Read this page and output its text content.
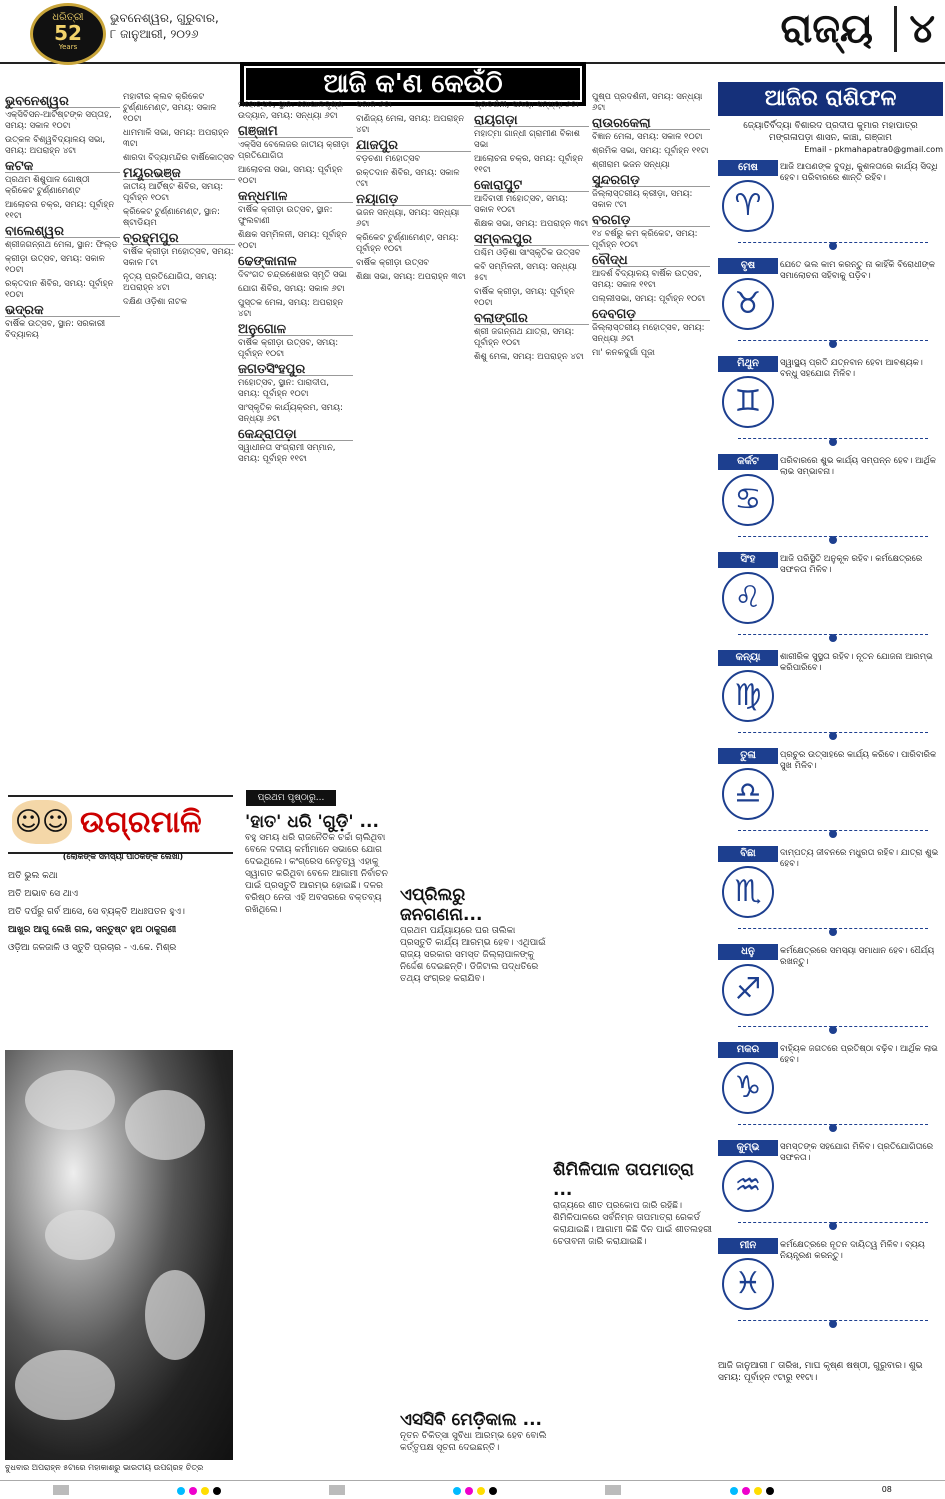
ଧରିତ୍ରୀ
52
Years
ଭୁବନେଶ୍ୱର, ଗୁରୁବାର,
୮ ଜାନୁଆରୀ, ୨୦୨୬	ରାଜ୍ୟ ୪
ଆଜି କ'ଣ କେଉଁଠି
ଭୁବନେଶ୍ୱର

ଏକ୍ସିବିସନ-ଆର୍ଟିଷ୍ଟଙ୍କ ସପ୍ତାହ, ସମୟ: ସକାଳ ୧୦ଟା

ଉତ୍କଳ ବିଶ୍ୱବିଦ୍ୟାଳୟ ସଭା, ସମୟ: ଅପରାହ୍ନ ୪ଟା

କଟକ

ପ୍ରଥମ ଶିଶୁପାଳ ଗୋଷ୍ଠୀ କ୍ରିକେଟ ଟୁର୍ଣ୍ଣାମେଣ୍ଟ

ଆଲୋଚନା ଚକ୍ର, ସମୟ: ପୂର୍ବାହ୍ନ ୧୧ଟା

ବାଲେଶ୍ୱର

ଶ୍ରୀଜଗନ୍ନାଥ ମେଳା, ସ୍ଥାନ: ଫିଲ୍ଡ

କ୍ରୀଡ଼ା ଉତ୍ସବ, ସମୟ: ସକାଳ ୧୦ଟା

ରକ୍ତଦାନ ଶିବିର, ସମୟ: ପୂର୍ବାହ୍ନ ୧୦ଟା

ଭଦ୍ରକ

ବାର୍ଷିକ ଉତ୍ସବ, ସ୍ଥାନ: ସରକାରୀ ବିଦ୍ୟାଳୟ

ମହାବୀର କ୍ଲବ କ୍ରିକେଟ ଟୁର୍ଣ୍ଣାମେଣ୍ଟ, ସମୟ: ସକାଳ ୧୦ଟା

ଧାମମାଳି ସଭା, ସମୟ: ଅପରାହ୍ନ ୩ଟା

ଶାରଦା ବିଦ୍ୟାମନ୍ଦିର ବାର୍ଷିକୋତ୍ସବ

ମୟୂରଭଞ୍ଜ

ଜାତୀୟ ଆର୍ଟିଷ୍ଟ ଶିବିର, ସମୟ: ପୂର୍ବାହ୍ନ ୧୦ଟା

କ୍ରିକେଟ ଟୁର୍ଣ୍ଣାମେଣ୍ଟ, ସ୍ଥାନ: ଷ୍ଟାଡିୟମ

ବ୍ରହ୍ମପୁର

ବାର୍ଷିକ କ୍ରୀଡ଼ା ମହୋତ୍ସବ, ସମୟ: ସକାଳ ୮ଟା

ନୃତ୍ୟ ପ୍ରତିଯୋଗିତା, ସମୟ: ଅପରାହ୍ନ ୪ଟା

ଦକ୍ଷିଣ ଓଡ଼ିଶା ନାଟକ

ମହୋତ୍ସବ, ସ୍ଥାନ: ଗୋପାଳକୃଷ୍ଣ ଉଦ୍ୟାନ, ସମୟ: ସନ୍ଧ୍ୟା ୬ଟା

ଗଞ୍ଜାମ

ଏକ୍ସିସ ବେଲେଜର ଜାତୀୟ କ୍ରୀଡ଼ା ପ୍ରତିଯୋଗିତା

ଆଲୋଚନା ସଭା, ସମୟ: ପୂର୍ବାହ୍ନ ୧୦ଟା

କନ୍ଧମାଳ

ବାର୍ଷିକ କ୍ରୀଡ଼ା ଉତ୍ସବ, ସ୍ଥାନ: ଫୁଲବାଣୀ

ଶିକ୍ଷକ ସମ୍ମିଳନୀ, ସମୟ: ପୂର୍ବାହ୍ନ ୧୦ଟା

ଢେଙ୍କାନାଳ

ଦିବଂଗତ ଚନ୍ଦ୍ରଶେଖର ସ୍ମୃତି ସଭା

ଯୋଗ ଶିବିର, ସମୟ: ସକାଳ ୬ଟା

ପୁସ୍ତକ ମେଳା, ସମୟ: ଅପରାହ୍ନ ୪ଟା

ଅନୁଗୋଳ

ବାର୍ଷିକ କ୍ରୀଡ଼ା ଉତ୍ସବ, ସମୟ: ପୂର୍ବାହ୍ନ ୧୦ଟା

ଜଗତସିଂହପୁର

ମହୋତ୍ସବ, ସ୍ଥାନ: ପାରାଦୀପ, ସମୟ: ପୂର୍ବାହ୍ନ ୧୦ଟା

ସାଂସ୍କୃତିକ କାର୍ଯ୍ୟକ୍ରମ, ସମୟ: ସନ୍ଧ୍ୟା ୬ଟା

କେନ୍ଦ୍ରାପଡ଼ା

ସ୍ୱାଧୀନତା ସଂଗ୍ରାମୀ ସମ୍ମାନ, ସମୟ: ପୂର୍ବାହ୍ନ ୧୧ଟା

ସକାଳ ୬ଟା

ବାଣିଜ୍ୟ ମେଳା, ସମୟ: ଅପରାହ୍ନ ୪ଟା

ଯାଜପୁର

ବଡ଼ଚଣା ମହୋତ୍ସବ

ରକ୍ତଦାନ ଶିବିର, ସମୟ: ସକାଳ ୯ଟା

ନୟାଗଡ଼

ଭଜନ ସନ୍ଧ୍ୟା, ସମୟ: ସନ୍ଧ୍ୟା ୬ଟା

କ୍ରିକେଟ ଟୁର୍ଣ୍ଣାମେଣ୍ଟ, ସମୟ: ପୂର୍ବାହ୍ନ ୧୦ଟା

ବାର୍ଷିକ କ୍ରୀଡ଼ା ଉତ୍ସବ

ଶିକ୍ଷା ସଭା, ସମୟ: ଅପରାହ୍ନ ୩ଟା

ପ୍ରଦର୍ଶନୀ, ସମୟ: ସନ୍ଧ୍ୟା ୬ଟା

ରାୟଗଡ଼ା

ମହାତ୍ମା ଗାନ୍ଧୀ ଗ୍ରାମୀଣ ବିକାଶ ସଭା

ଆଲୋଚନା ଚକ୍ର, ସମୟ: ପୂର୍ବାହ୍ନ ୧୧ଟା

କୋରାପୁଟ

ଆଦିବାସୀ ମହୋତ୍ସବ, ସମୟ: ସକାଳ ୧୦ଟା

ଶିକ୍ଷକ ସଭା, ସମୟ: ଅପରାହ୍ନ ୩ଟା

ସମ୍ବଲପୁର

ପଶ୍ଚିମ ଓଡ଼ିଶା ସାଂସ୍କୃତିକ ଉତ୍ସବ

କବି ସମ୍ମିଳନୀ, ସମୟ: ସନ୍ଧ୍ୟା ୫ଟା

ବାର୍ଷିକ କ୍ରୀଡ଼ା, ସମୟ: ପୂର୍ବାହ୍ନ ୧୦ଟା

ବଲାଙ୍ଗୀର

ଶ୍ରୀ ଜଗନ୍ନାଥ ଯାତ୍ରା, ସମୟ: ପୂର୍ବାହ୍ନ ୧୦ଟା

ଶିଶୁ ମେଳା, ସମୟ: ଅପରାହ୍ନ ୪ଟା

ପୁଷ୍ପ ପ୍ରଦର୍ଶନୀ, ସମୟ: ସନ୍ଧ୍ୟା ୬ଟା

ରାଉରକେଲା

ବିଜ୍ଞାନ ମେଳା, ସମୟ: ସକାଳ ୧୦ଟା

ଶ୍ରମିକ ସଭା, ସମୟ: ପୂର୍ବାହ୍ନ ୧୧ଟା

ଶ୍ରୀରାମ ଭଜନ ସନ୍ଧ୍ୟା

ସୁନ୍ଦରଗଡ଼

ଜିଲ୍ଲାସ୍ତରୀୟ କ୍ରୀଡ଼ା, ସମୟ: ସକାଳ ୯ଟା

ବରଗଡ଼

୧୪ ବର୍ଷରୁ କମ କ୍ରିକେଟ, ସମୟ: ପୂର୍ବାହ୍ନ ୧୦ଟା

ବୌଦ୍ଧ

ଆଦର୍ଶ ବିଦ୍ୟାଳୟ ବାର୍ଷିକ ଉତ୍ସବ, ସମୟ: ସକାଳ ୧୧ଟା

ପଲ୍ଲୀସଭା, ସମୟ: ପୂର୍ବାହ୍ନ ୧୦ଟା

ଦେବଗଡ଼

ଜିଲ୍ଲାସ୍ତରୀୟ ମହୋତ୍ସବ, ସମୟ: ସନ୍ଧ୍ୟା ୬ଟା

ମା' କନକଦୁର୍ଗା ପୂଜା

☺☺ ଉଗ୍ରମାଳି
(ଲୋକଙ୍କ ସମସ୍ୟା ପାଠକଙ୍କ ଲେଖା)
ଅତି ଭୁଲ କଥା
ଅତି ଅଭାବ ସେ ଥାଏ
ଅତି ଦର୍ପରୁ ଗର୍ବ ଆସେ, ସେ ବ୍ୟକ୍ତି ଅଧଃପତନ ହୁଏ।
ଆଖୁର ଆଗୁ ଲେଖି ଗଲ, ସନ୍ତୁଷ୍ଟ ହୁଅ ଠାକୁରାଣୀ
ଓଡ଼ିଆ ଜଳଜାଳି ଓ ସ୍ତୁତି ପ୍ରଚାର - ଏ.କେ. ମିଶ୍ର
ବୁଧବାର ଅପରାହ୍ନ ୫ଟାରେ ମହାକାଶରୁ ଭାରତୀୟ ଉପଗ୍ରହ ଚିତ୍ର
ପ୍ରଥମ ପୃଷ୍ଠାରୁ...
'ହାତ' ଧରି 'ଗୁଡ଼ି' ...
ବହୁ ସମୟ ଧରି ରାଜନୈତିକ ଚର୍ଚ୍ଚା ଚାଲିଥିବା ବେଳେ ଦଳୀୟ କର୍ମୀମାନେ ସଭାରେ ଯୋଗ ଦେଇଥିଲେ। କଂଗ୍ରେସ ନେତୃତ୍ୱ ଏହାକୁ ସ୍ୱାଗତ କରିଥିବା ବେଳେ ଆଗାମୀ ନିର୍ବାଚନ ପାଇଁ ପ୍ରସ୍ତୁତି ଆରମ୍ଭ ହୋଇଛି। ଦଳର ବରିଷ୍ଠ ନେତା ଏହି ଅବସରରେ ବକ୍ତବ୍ୟ ରଖିଥିଲେ।
ଏପ୍ରିଲରୁ ଜନଗଣନା...
ପ୍ରଥମ ପର୍ଯ୍ୟାୟରେ ଘର ତାଲିକା ପ୍ରସ୍ତୁତି କାର୍ଯ୍ୟ ଆରମ୍ଭ ହେବ। ଏଥିପାଇଁ ରାଜ୍ୟ ସରକାର ସମସ୍ତ ଜିଲ୍ଲାପାଳଙ୍କୁ ନିର୍ଦ୍ଦେଶ ଦେଇଛନ୍ତି। ଡିଜିଟାଲ ପଦ୍ଧତିରେ ତଥ୍ୟ ସଂଗ୍ରହ କରାଯିବ।
ଶିମିଳିପାଳ ତାପମାତ୍ରା ...
ରାଜ୍ୟରେ ଶୀତ ପ୍ରକୋପ ଜାରି ରହିଛି। ଶିମିଳିପାଳରେ ସର୍ବନିମ୍ନ ତାପମାତ୍ରା ରେକର୍ଡ କରାଯାଇଛି। ଆଗାମୀ କିଛି ଦିନ ପାଇଁ ଶୀତଲହରୀ ଚେତାବନୀ ଜାରି କରାଯାଇଛି।
ଏସସିବି ମେଡ଼ିକାଲ ...
ନୂତନ ଚିକିତ୍ସା ସୁବିଧା ଆରମ୍ଭ ହେବ ବୋଲି କର୍ତ୍ତୃପକ୍ଷ ସୂଚନା ଦେଇଛନ୍ତି।
ଆଜିର ରାଶିଫଳ
ଜ୍ୟୋତିର୍ବିଦ୍ୟା ବିଶାରଦ ପ୍ରଦୀପ କୁମାର ମହାପାତ୍ର
ମଙ୍ଗଳାପଡ଼ା ଶାସନ, କାଞ୍ଚା, ଗଞ୍ଜାମ
Email - pkmahapatra0@gmail.com
ମେଷ
♈
ଆଜି ଆପଣଙ୍କ ବୁଦ୍ଧି, କୁଶଳତାରେ କାର୍ଯ୍ୟ ସିଦ୍ଧି ହେବ। ପରିବାରରେ ଶାନ୍ତି ରହିବ।
ବୃଷ
♉
ଯେତେ ଭଲ କାମ କରନ୍ତୁ ନା କାହିଁକି ବିରୋଧୀଙ୍କ ସମାଲୋଚନା ସହିବାକୁ ପଡ଼ିବ।
ମିଥୁନ
♊
ସ୍ୱାସ୍ଥ୍ୟ ପ୍ରତି ଯତ୍ନବାନ ହେବା ଆବଶ୍ୟକ। ବନ୍ଧୁ ସହଯୋଗ ମିଳିବ।
କର୍କଟ
♋
ପରିବାରରେ ଶୁଭ କାର୍ଯ୍ୟ ସମ୍ପନ୍ନ ହେବ। ଆର୍ଥିକ ଲାଭ ସମ୍ଭାବନା।
ସିଂହ
♌
ଆଜି ପରିସ୍ଥିତି ଅନୁକୂଳ ରହିବ। କର୍ମକ୍ଷେତ୍ରରେ ସଫଳତା ମିଳିବ।
କନ୍ୟା
♍
ଶାରୀରିକ ସୁସ୍ଥତା ରହିବ। ନୂତନ ଯୋଜନା ଆରମ୍ଭ କରିପାରିବେ।
ତୁଳା
♎
ପ୍ରଚୁର ଉତ୍ସାହରେ କାର୍ଯ୍ୟ କରିବେ। ପାରିବାରିକ ସୁଖ ମିଳିବ।
ବିଛା
♏
ଦାମ୍ପତ୍ୟ ଜୀବନରେ ମଧୁରତା ରହିବ। ଯାତ୍ରା ଶୁଭ ହେବ।
ଧନୁ
♐
କର୍ମକ୍ଷେତ୍ରରେ ସମସ୍ୟା ସମାଧାନ ହେବ। ଧୈର୍ଯ୍ୟ ରଖନ୍ତୁ।
ମକର
♑
ବାହ୍ୟିକ ଜଗତରେ ପ୍ରତିଷ୍ଠା ବଢ଼ିବ। ଆର୍ଥିକ ଲାଭ ହେବ।
କୁମ୍ଭ
♒
ସମସ୍ତଙ୍କ ସହଯୋଗ ମିଳିବ। ପ୍ରତିଯୋଗିତାରେ ସଫଳତା।
ମୀନ
♓
କର୍ମକ୍ଷେତ୍ରରେ ନୂତନ ଦାୟିତ୍ୱ ମିଳିବ। ବ୍ୟୟ ନିୟନ୍ତ୍ରଣ କରନ୍ତୁ।
ଆଜି ଜାନୁଆରୀ ୮ ତାରିଖ, ମାଘ କୃଷ୍ଣ ଷଷ୍ଠୀ, ଗୁରୁବାର। ଶୁଭ ସମୟ: ପୂର୍ବାହ୍ନ ୯ଟାରୁ ୧୧ଟା।
08
